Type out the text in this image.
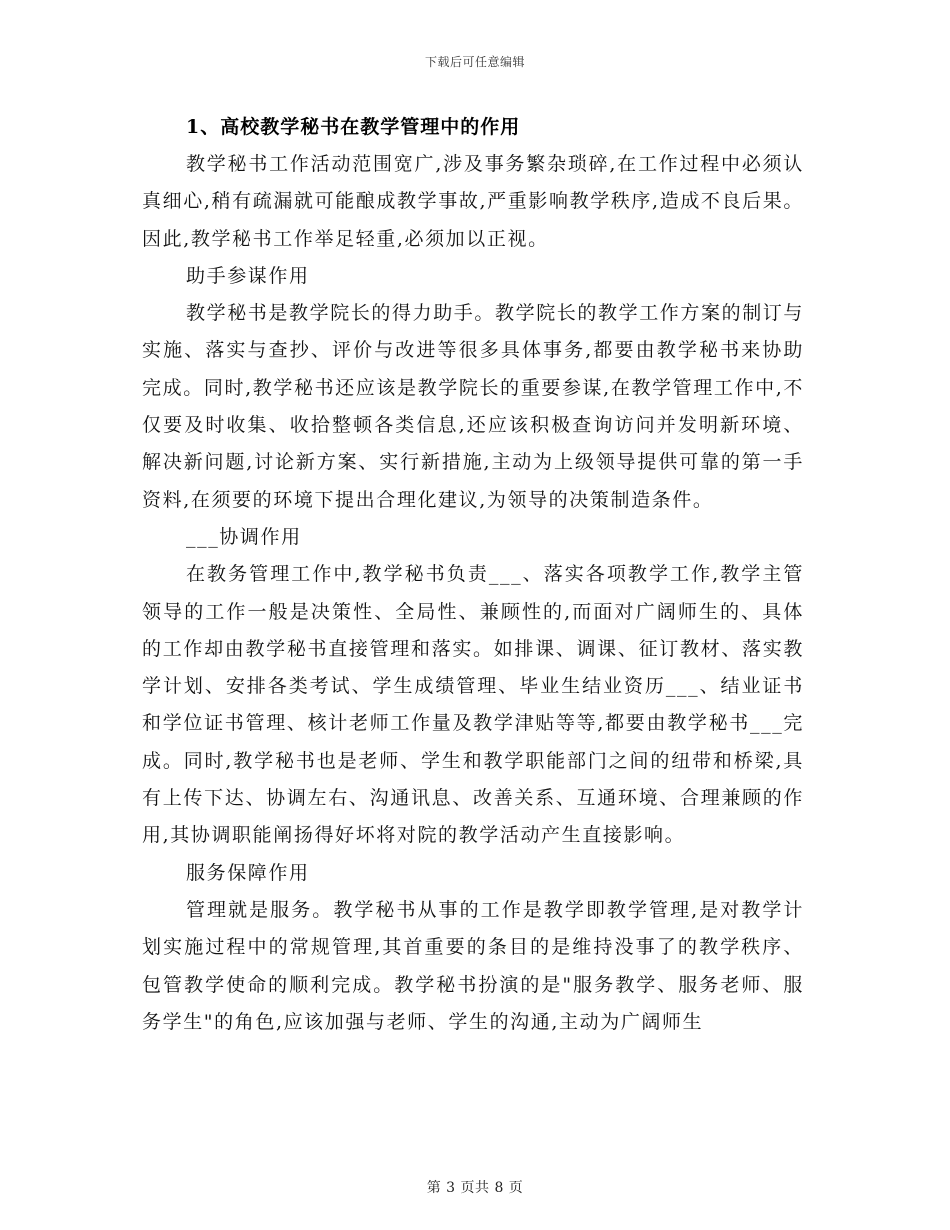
下载后可任意编辑

1、高校教学秘书在教学管理中的作用

教学秘书工作活动范围宽广,涉及事务繁杂琐碎,在工作过程中必须认真细心,稍有疏漏就可能酿成教学事故,严重影响教学秩序,造成不良后果。因此,教学秘书工作举足轻重,必须加以正视。

助手参谋作用

教学秘书是教学院长的得力助手。教学院长的教学工作方案的制订与实施、落实与查抄、评价与改进等很多具体事务,都要由教学秘书来协助完成。同时,教学秘书还应该是教学院长的重要参谋,在教学管理工作中,不仅要及时收集、收拾整顿各类信息,还应该积极查询访问并发明新环境、解决新问题,讨论新方案、实行新措施,主动为上级领导提供可靠的第一手资料,在须要的环境下提出合理化建议,为领导的决策制造条件。

___协调作用

在教务管理工作中,教学秘书负责___、落实各项教学工作,教学主管领导的工作一般是决策性、全局性、兼顾性的,而面对广阔师生的、具体的工作却由教学秘书直接管理和落实。如排课、调课、征订教材、落实教学计划、安排各类考试、学生成绩管理、毕业生结业资历___、结业证书和学位证书管理、核计老师工作量及教学津贴等等,都要由教学秘书___完成。同时,教学秘书也是老师、学生和教学职能部门之间的纽带和桥梁,具有上传下达、协调左右、沟通讯息、改善关系、互通环境、合理兼顾的作用,其协调职能阐扬得好坏将对院的教学活动产生直接影响。

服务保障作用

管理就是服务。教学秘书从事的工作是教学即教学管理,是对教学计划实施过程中的常规管理,其首重要的条目的是维持没事了的教学秩序、包管教学使命的顺利完成。教学秘书扮演的是"服务教学、服务老师、服务学生"的角色,应该加强与老师、学生的沟通,主动为广阔师生

第 3 页共 8 页
